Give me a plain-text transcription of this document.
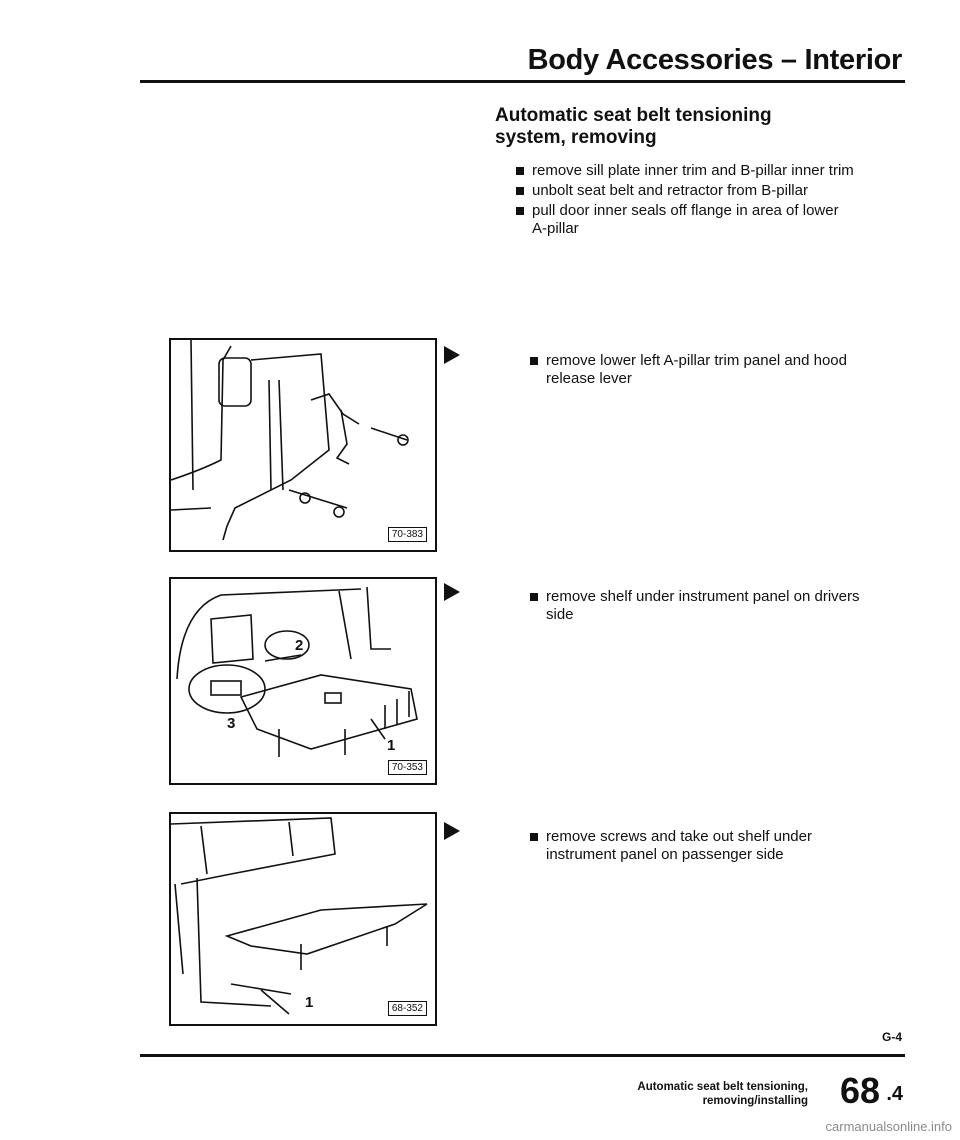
Body Accessories – Interior
Automatic seat belt tensioning
system, removing
remove sill plate inner trim and B-pillar inner trim
unbolt seat belt and retractor from B-pillar
pull door inner seals off flange in area of lower A-pillar
70-383
remove lower left A-pillar trim panel and hood release lever
2
3
1
70-353
remove shelf under instrument panel on drivers side
1	68-352
remove screws and take out shelf under instrument panel on passenger side
G-4
Automatic seat belt tensioning,
removing/installing 68 .4
carmanualsonline.info
